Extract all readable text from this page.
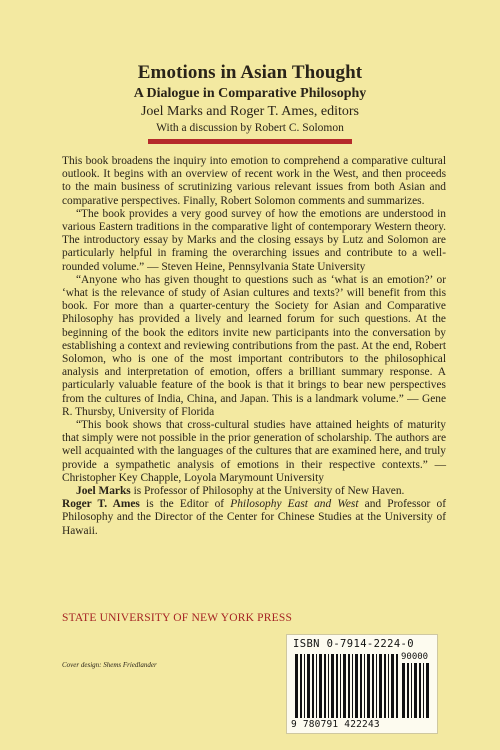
Emotions in Asian Thought
A Dialogue in Comparative Philosophy
Joel Marks and Roger T. Ames, editors
With a discussion by Robert C. Solomon

This book broadens the inquiry into emotion to comprehend a comparative cultural outlook. It begins with an overview of recent work in the West, and then proceeds to the main business of scrutinizing various relevant issues from both Asian and comparative perspectives. Finally, Robert Solomon comments and summarizes.

“The book provides a very good survey of how the emotions are understood in various Eastern traditions in the comparative light of contemporary Western theory. The introductory essay by Marks and the closing essays by Lutz and Solomon are particularly helpful in framing the overarching issues and contribute to a well-rounded volume.” — Steven Heine, Pennsylvania State University

“Anyone who has given thought to questions such as ‘what is an emotion?’ or ‘what is the relevance of study of Asian cultures and texts?’ will benefit from this book. For more than a quarter-century the Society for Asian and Comparative Philosophy has provided a lively and learned forum for such questions. At the beginning of the book the editors invite new participants into the conversation by establishing a context and reviewing contributions from the past. At the end, Robert Solomon, who is one of the most important contributors to the philosophical analysis and interpretation of emotion, offers a brilliant summary response. A particularly valuable feature of the book is that it brings to bear new perspectives from the cultures of India, China, and Japan. This is a landmark volume.” — Gene R. Thursby, University of Florida

“This book shows that cross-cultural studies have attained heights of maturity that simply were not possible in the prior generation of scholarship. The authors are well acquainted with the languages of the cultures that are examined here, and truly provide a sympathetic analysis of emotions in their respective contexts.” — Christopher Key Chapple, Loyola Marymount University

Joel Marks is Professor of Philosophy at the University of New Haven.

Roger T. Ames is the Editor of Philosophy East and West and Professor of Philosophy and the Director of the Center for Chinese Studies at the University of Hawaii.

STATE UNIVERSITY OF NEW YORK PRESS
Cover design: Shems Friedlander
ISBN 0-7914-2224-0
90000
9 780791 422243
